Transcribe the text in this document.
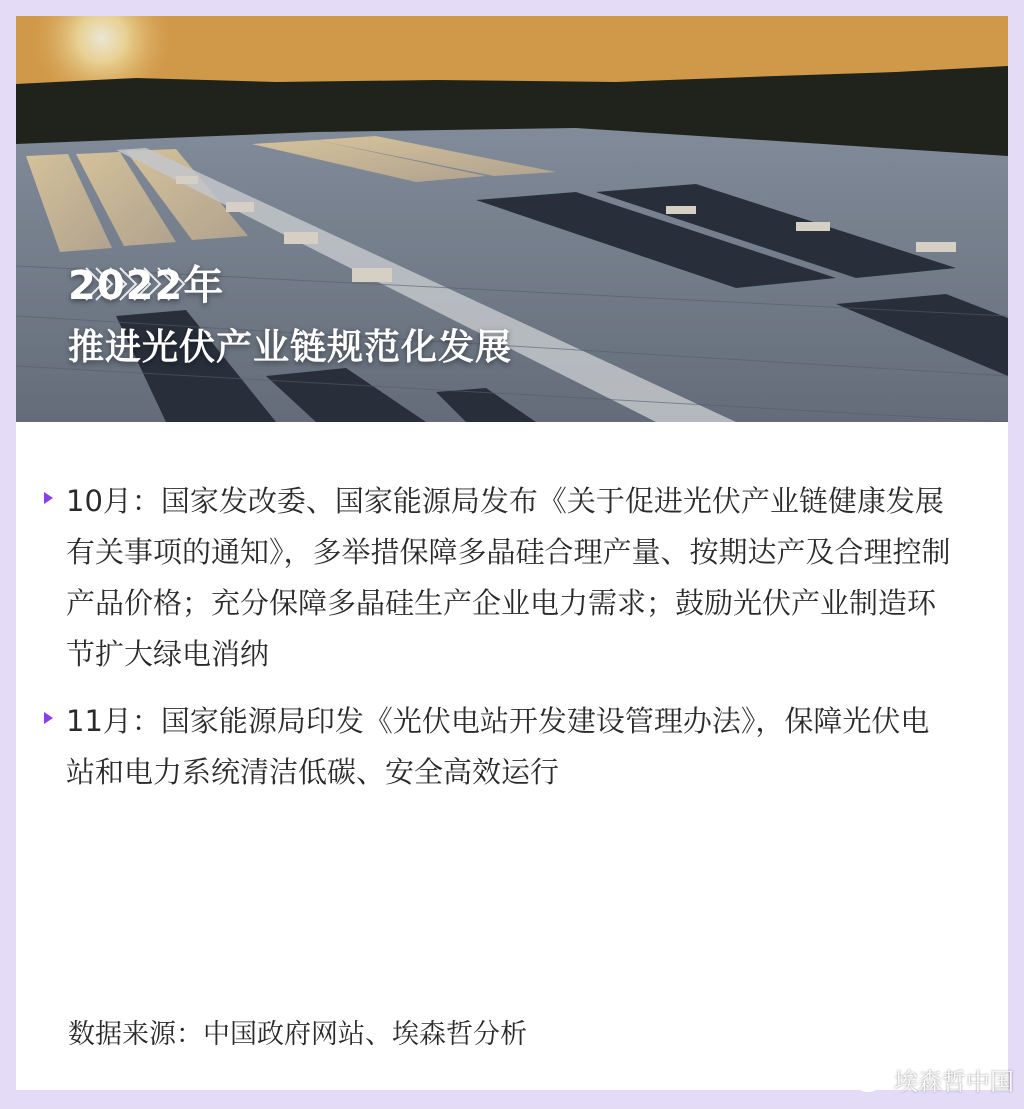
2022年
推进光伏产业链规范化发展
10月：国家发改委、国家能源局发布《关于促进光伏产业链健康发展有关事项的通知》，多举措保障多晶硅合理产量、按期达产及合理控制产品价格；充分保障多晶硅生产企业电力需求；鼓励光伏产业制造环节扩大绿电消纳
11月：国家能源局印发《光伏电站开发建设管理办法》，保障光伏电站和电力系统清洁低碳、安全高效运行
数据来源：中国政府网站、埃森哲分析
埃森哲中国
